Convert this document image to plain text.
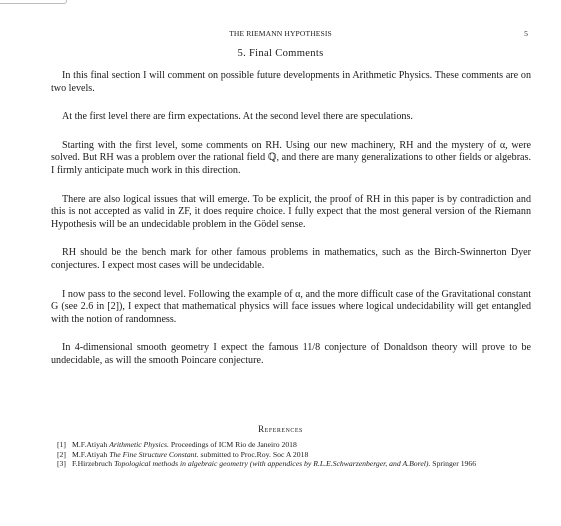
THE RIEMANN HYPOTHESIS	5
5. Final Comments

In this final section I will comment on possible future developments in Arithmetic Physics. These comments are on two levels.

At the first level there are firm expectations. At the second level there are speculations.

Starting with the first level, some comments on RH. Using our new machinery, RH and the mystery of α, were solved. But RH was a problem over the rational field ℚ, and there are many generalizations to other fields or algebras. I firmly anticipate much work in this direction.

There are also logical issues that will emerge. To be explicit, the proof of RH in this paper is by contradiction and this is not accepted as valid in ZF, it does require choice. I fully expect that the most general version of the Riemann Hypothesis will be an undecidable problem in the Gödel sense.

RH should be the bench mark for other famous problems in mathematics, such as the Birch-Swinnerton Dyer conjectures. I expect most cases will be undecidable.

I now pass to the second level. Following the example of α, and the more difficult case of the Gravitational constant G (see 2.6 in [2]), I expect that mathematical physics will face issues where logical undecidability will get entangled with the notion of randomness.

In 4-dimensional smooth geometry I expect the famous 11/8 conjecture of Donaldson theory will prove to be undecidable, as will the smooth Poincare conjecture.

References
[1] M.F.Atiyah Arithmetic Physics. Proceedings of ICM Rio de Janeiro 2018
[2] M.F.Atiyah The Fine Structure Constant. submitted to Proc.Roy. Soc A 2018
[3] F.Hirzebruch Topological methods in algebraic geometry (with appendices by R.L.E.Schwarzenberger, and A.Borel). Springer 1966
